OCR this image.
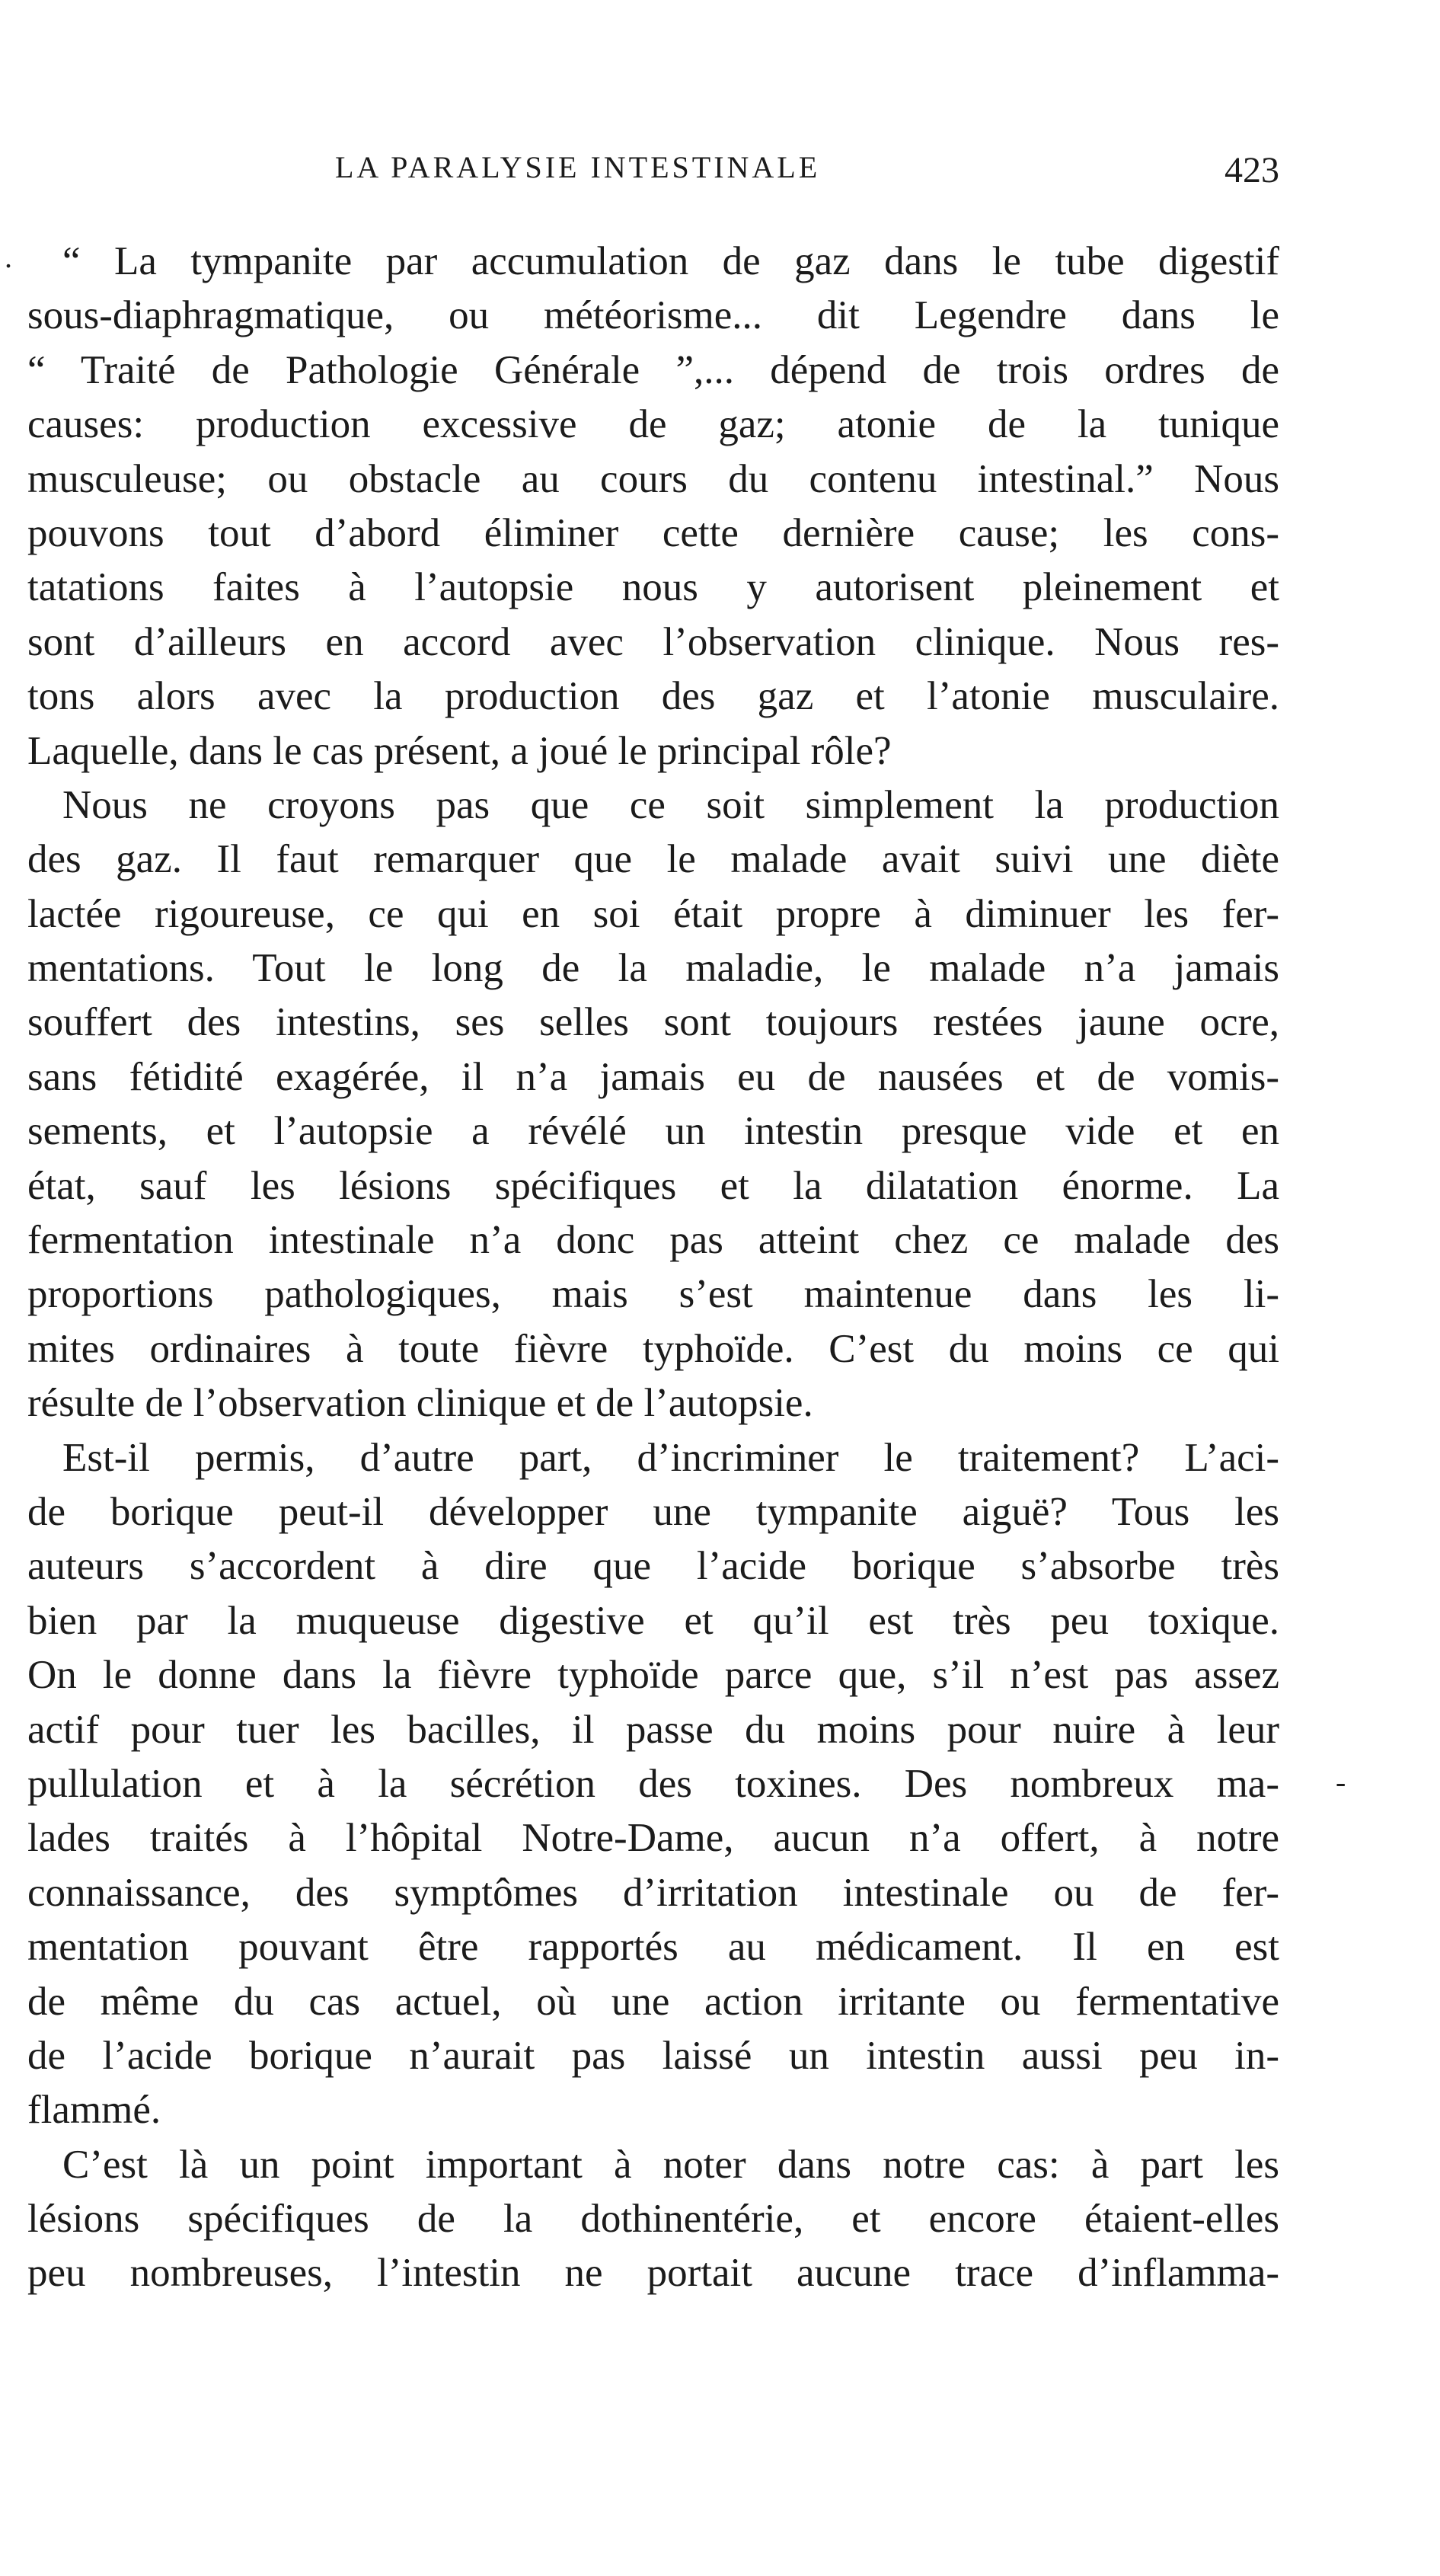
LA PARALYSIE INTESTINALE	423
.
-
“ La tympanite par accumulation de gaz dans le tube digestif
sous-diaphragmatique, ou météorisme... dit Legendre dans le
“ Traité de Pathologie Générale ”,... dépend de trois ordres de
causes: production excessive de gaz; atonie de la tunique
musculeuse; ou obstacle au cours du contenu intestinal.” Nous
pouvons tout d’abord éliminer cette dernière cause; les cons-
tatations faites à l’autopsie nous y autorisent pleinement et
sont d’ailleurs en accord avec l’observation clinique. Nous res-
tons alors avec la production des gaz et l’atonie musculaire.
Laquelle, dans le cas présent, a joué le principal rôle?
Nous ne croyons pas que ce soit simplement la production
des gaz. Il faut remarquer que le malade avait suivi une diète
lactée rigoureuse, ce qui en soi était propre à diminuer les fer-
mentations. Tout le long de la maladie, le malade n’a jamais
souffert des intestins, ses selles sont toujours restées jaune ocre,
sans fétidité exagérée, il n’a jamais eu de nausées et de vomis-
sements, et l’autopsie a révélé un intestin presque vide et en
état, sauf les lésions spécifiques et la dilatation énorme. La
fermentation intestinale n’a donc pas atteint chez ce malade des
proportions pathologiques, mais s’est maintenue dans les li-
mites ordinaires à toute fièvre typhoïde. C’est du moins ce qui
résulte de l’observation clinique et de l’autopsie.
Est-il permis, d’autre part, d’incriminer le traitement? L’aci-
de borique peut-il développer une tympanite aiguë? Tous les
auteurs s’accordent à dire que l’acide borique s’absorbe très
bien par la muqueuse digestive et qu’il est très peu toxique.
On le donne dans la fièvre typhoïde parce que, s’il n’est pas assez
actif pour tuer les bacilles, il passe du moins pour nuire à leur
pullulation et à la sécrétion des toxines. Des nombreux ma-
lades traités à l’hôpital Notre-Dame, aucun n’a offert, à notre
connaissance, des symptômes d’irritation intestinale ou de fer-
mentation pouvant être rapportés au médicament. Il en est
de même du cas actuel, où une action irritante ou fermentative
de l’acide borique n’aurait pas laissé un intestin aussi peu in-
flammé.
C’est là un point important à noter dans notre cas: à part les
lésions spécifiques de la dothinentérie, et encore étaient-elles
peu nombreuses, l’intestin ne portait aucune trace d’inflamma-
